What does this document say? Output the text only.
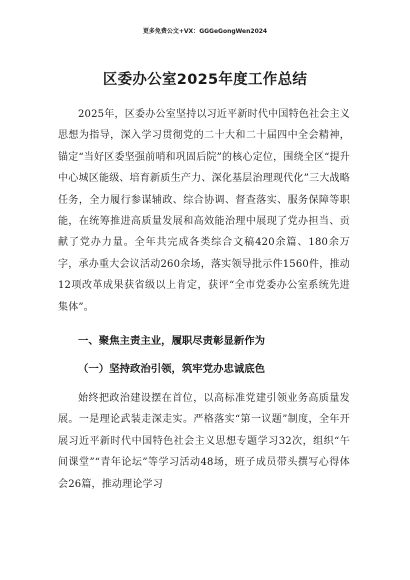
更多免费公文+VX：GGGeGongWen2024
区委办公室2025年度工作总结

2025年，区委办公室坚持以习近平新时代中国特色社会主义思想为指导，深入学习贯彻党的二十大和二十届四中全会精神，锚定“当好区委坚强前哨和巩固后院”的核心定位，围绕全区“提升中心城区能级、培育新质生产力、深化基层治理现代化”三大战略任务，全力履行参谋辅政、综合协调、督查落实、服务保障等职能，在统筹推进高质量发展和高效能治理中展现了党办担当、贡献了党办力量。全年共完成各类综合文稿420余篇、180余万字，承办重大会议活动260余场，落实领导批示件1560件，推动12项改革成果获省级以上肯定，获评“全市党委办公室系统先进集体”。

一、聚焦主责主业，履职尽责彰显新作为
（一）坚持政治引领，筑牢党办忠诚底色

始终把政治建设摆在首位，以高标准党建引领业务高质量发展。一是理论武装走深走实。严格落实“第一议题”制度，全年开展习近平新时代中国特色社会主义思想专题学习32次，组织“午间课堂”“青年论坛”等学习活动48场，班子成员带头撰写心得体会26篇，推动理论学习
